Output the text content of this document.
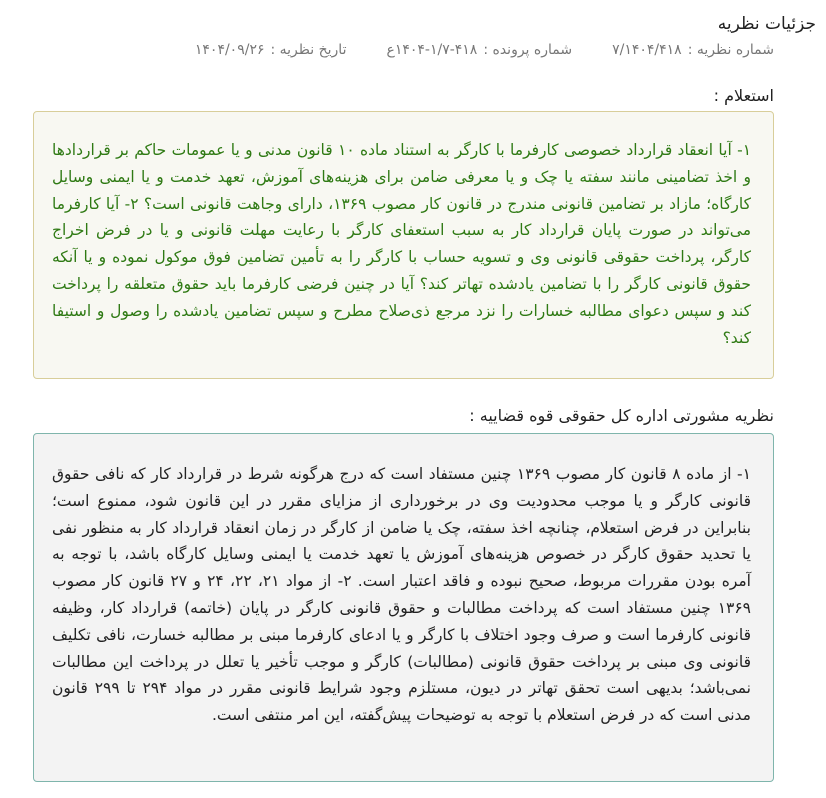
جزئیات نظریه
شماره نظریه :
۷/۱۴۰۴/۴۱۸
شماره پرونده :
۱۴۰۴-۱/۷-۴۱۸ع
تاریخ نظریه :
۱۴۰۴/۰۹/۲۶
استعلام :

۱- آیا انعقاد قرارداد خصوصی کارفرما با کارگر به استناد ماده ۱۰ قانون مدنی و یا عمومات حاکم بر قراردادها و اخذ تضامینی مانند سفته یا چک و یا معرفی ضامن برای هزینه‌های آموزش، تعهد خدمت و یا ایمنی وسایل کارگاه؛ مازاد بر تضامین قانونی مندرج در قانون کار مصوب ۱۳۶۹، دارای وجاهت قانونی است؟ ۲- آیا کارفرما می‌تواند در صورت پایان قرارداد کار به سبب استعفای کارگر با رعایت مهلت قانونی و یا در فرض اخراج کارگر، پرداخت حقوقی قانونی وی و تسویه حساب با کارگر را به تأمین تضامین فوق موکول نموده و یا آنکه حقوق قانونی کارگر را با تضامین یادشده تهاتر کند؟ آیا در چنین فرضی کارفرما باید حقوق متعلقه را پرداخت کند و سپس دعوای مطالبه خسارات را نزد مرجع ذی‌صلاح مطرح و سپس تضامین یادشده را وصول و استیفا کند؟

نظریه مشورتی اداره کل حقوقی قوه قضاییه :

۱- از ماده ۸ قانون کار مصوب ۱۳۶۹ چنین مستفاد است که درج هرگونه شرط در قرارداد کار که نافی حقوق قانونی کارگر و یا موجب محدودیت وی در برخورداری از مزایای مقرر در این قانون شود، ممنوع است؛ بنابراین در فرض استعلام، چنانچه اخذ سفته، چک یا ضامن از کارگر در زمان انعقاد قرارداد کار به منظور نفی یا تحدید حقوق کارگر در خصوص هزینه‌های آموزش یا تعهد خدمت یا ایمنی وسایل کارگاه باشد، با توجه به آمره بودن مقررات مربوط، صحیح نبوده و فاقد اعتبار است. ۲- از مواد ۲۱، ۲۲، ۲۴ و ۲۷ قانون کار مصوب ۱۳۶۹ چنین مستفاد است که پرداخت مطالبات و حقوق قانونی کارگر در پایان (خاتمه) قرارداد کار، وظیفه قانونی کارفرما است و صرف وجود اختلاف با کارگر و یا ادعای کارفرما مبنی بر مطالبه خسارت، نافی تکلیف قانونی وی مبنی بر پرداخت حقوق قانونی (مطالبات) کارگر و موجب تأخیر یا تعلل در پرداخت این مطالبات نمی‌باشد؛ بدیهی است تحقق تهاتر در دیون، مستلزم وجود شرایط قانونی مقرر در مواد ۲۹۴ تا ۲۹۹ قانون مدنی است که در فرض استعلام با توجه به توضیحات پیش‌گفته، این امر منتفی است.
